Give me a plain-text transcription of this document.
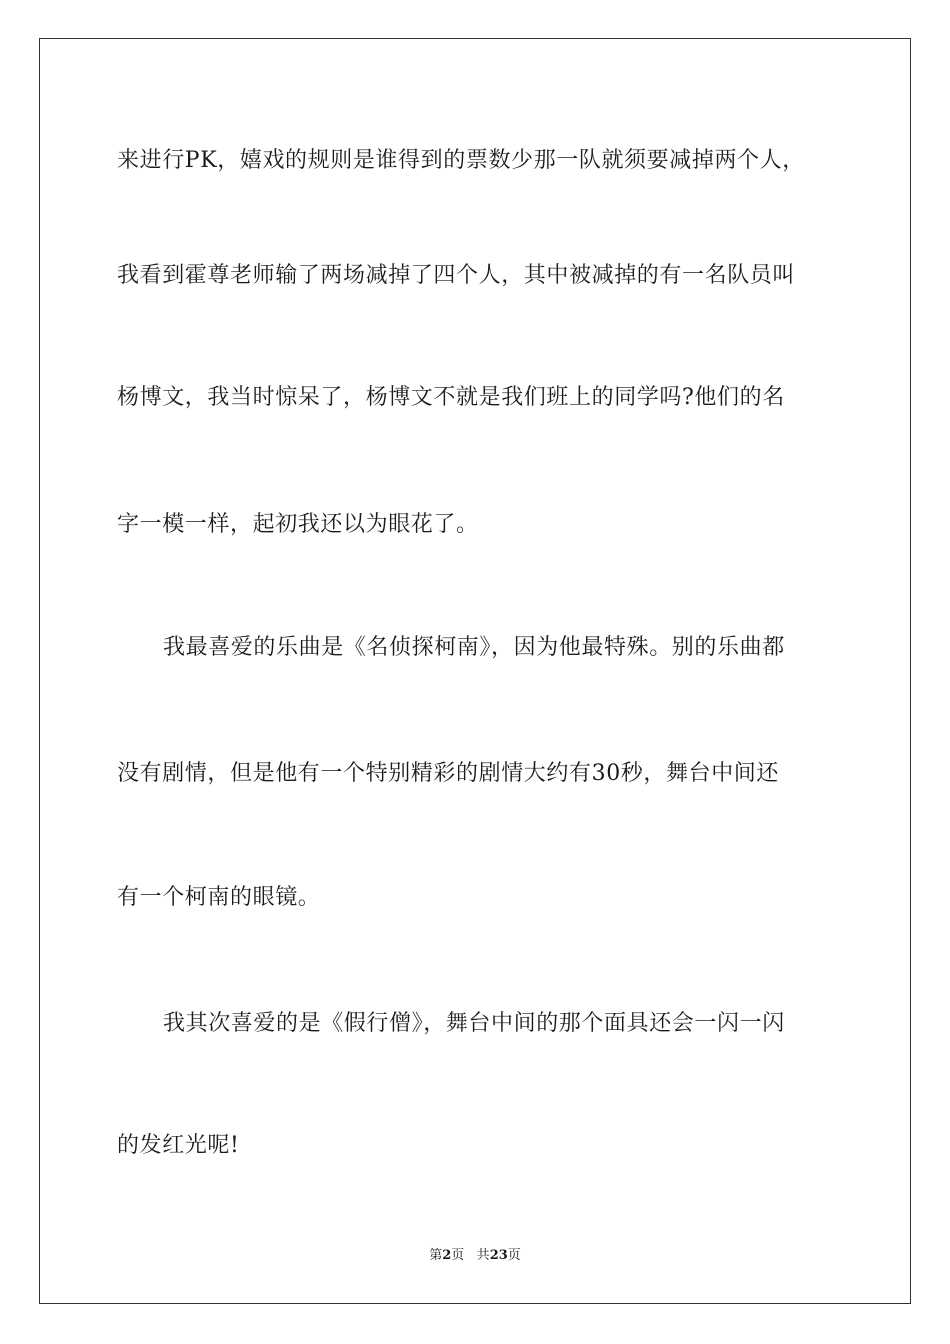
来进行PK，嬉戏的规则是谁得到的票数少那一队就须要减掉两个人，
我看到霍尊老师输了两场减掉了四个人，其中被减掉的有一名队员叫
杨博文，我当时惊呆了，杨博文不就是我们班上的同学吗?他们的名
字一模一样，起初我还以为眼花了。
我最喜爱的乐曲是《名侦探柯南》，因为他最特殊。别的乐曲都
没有剧情，但是他有一个特别精彩的剧情大约有30秒，舞台中间还
有一个柯南的眼镜。
我其次喜爱的是《假行僧》，舞台中间的那个面具还会一闪一闪
的发红光呢!
第2页 共23页
